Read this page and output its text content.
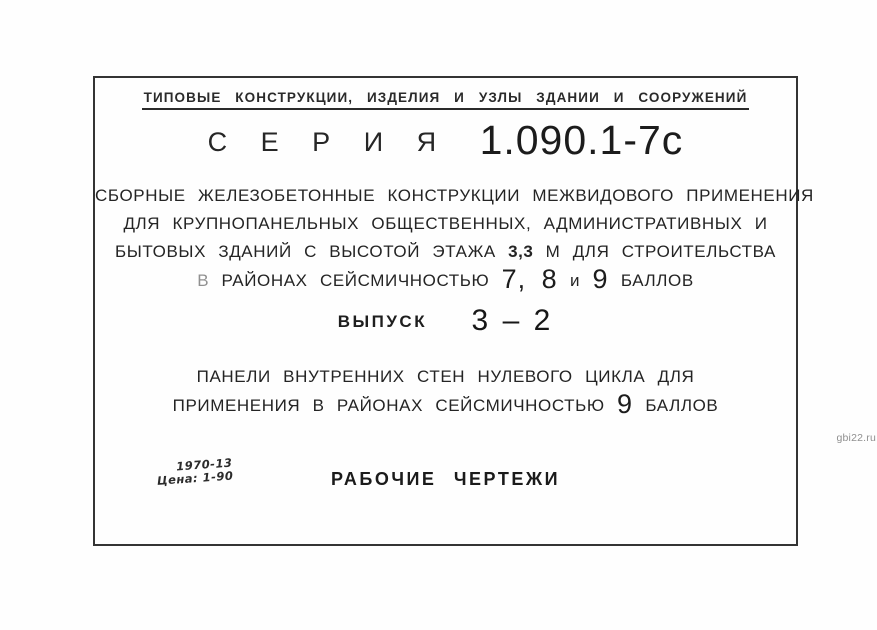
ТИПОВЫЕ КОНСТРУКЦИИ, ИЗДЕЛИЯ И УЗЛЫ ЗДАНИИ И СООРУЖЕНИЙ
С Е Р И Я 1.090.1-7с
СБОРНЫЕ ЖЕЛЕЗОБЕТОННЫЕ КОНСТРУКЦИИ МЕЖВИДОВОГО ПРИМЕНЕНИЯ
ДЛЯ КРУПНОПАНЕЛЬНЫХ ОБЩЕСТВЕННЫХ, АДМИНИСТРАТИВНЫХ И
БЫТОВЫХ ЗДАНИЙ С ВЫСОТОЙ ЭТАЖА 3,3 М ДЛЯ СТРОИТЕЛЬСТВА
В РАЙОНАХ СЕЙСМИЧНОСТЬЮ 7, 8 и 9 БАЛЛОВ
ВЫПУСК 3 – 2
ПАНЕЛИ ВНУТРЕННИХ СТЕН НУЛЕВОГО ЦИКЛА ДЛЯ
ПРИМЕНЕНИЯ В РАЙОНАХ СЕЙСМИЧНОСТЬЮ 9 БАЛЛОВ
1970-13
Цена: 1-90	РАБОЧИЕ ЧЕРТЕЖИ
gbi22.ru
